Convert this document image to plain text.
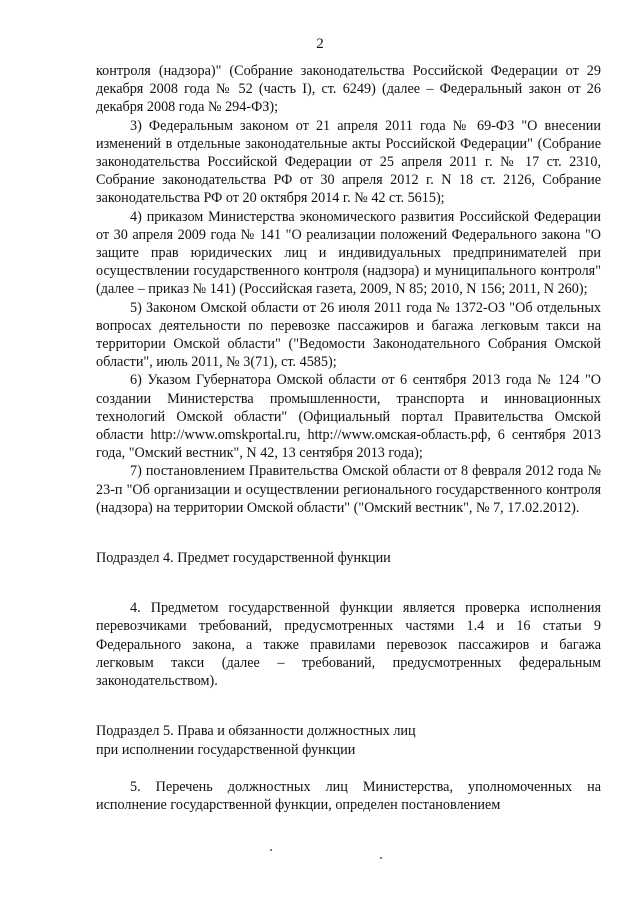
2

контроля (надзора)" (Собрание законодательства Российской Федерации от 29 декабря 2008 года № 52 (часть I), ст. 6249) (далее – Федеральный закон от 26 декабря 2008 года № 294-ФЗ);

3) Федеральным законом от 21 апреля 2011 года № 69-ФЗ "О внесении изменений в отдельные законодательные акты Российской Федерации" (Собрание законодательства Российской Федерации от 25 апреля 2011 г. № 17 ст. 2310, Собрание законодательства РФ от 30 апреля 2012 г. N 18 ст. 2126, Собрание законодательства РФ от 20 октября 2014 г. № 42 ст. 5615);

4) приказом Министерства экономического развития Российской Федерации от 30 апреля 2009 года № 141 "О реализации положений Федерального закона "О защите прав юридических лиц и индивидуальных предпринимателей при осуществлении государственного контроля (надзора) и муниципального контроля" (далее – приказ № 141) (Российская газета, 2009, N 85; 2010, N 156; 2011, N 260);

5) Законом Омской области от 26 июля 2011 года № 1372-ОЗ "Об отдельных вопросах деятельности по перевозке пассажиров и багажа легковым такси на территории Омской области" ("Ведомости Законодательного Собрания Омской области", июль 2011, № 3(71), ст. 4585);

6) Указом Губернатора Омской области от 6 сентября 2013 года № 124 "О создании Министерства промышленности, транспорта и инновационных технологий Омской области" (Официальный портал Правительства Омской области http://www.omskportal.ru, http://www.омская-область.рф, 6 сентября 2013 года, "Омский вестник", N 42, 13 сентября 2013 года);

7) постановлением Правительства Омской области от 8 февраля 2012 года № 23-п "Об организации и осуществлении регионального государственного контроля (надзора) на территории Омской области" ("Омский вестник", № 7, 17.02.2012).

Подраздел 4. Предмет государственной функции

4. Предметом государственной функции является проверка исполнения перевозчиками требований, предусмотренных частями 1.4 и 16 статьи 9 Федерального закона, а также правилами перевозок пассажиров и багажа легковым такси (далее – требований, предусмотренных федеральным законодательством).

Подраздел 5. Права и обязанности должностных лиц

при исполнении государственной функции

5. Перечень должностных лиц Министерства, уполномоченных на исполнение государственной функции, определен постановлением
